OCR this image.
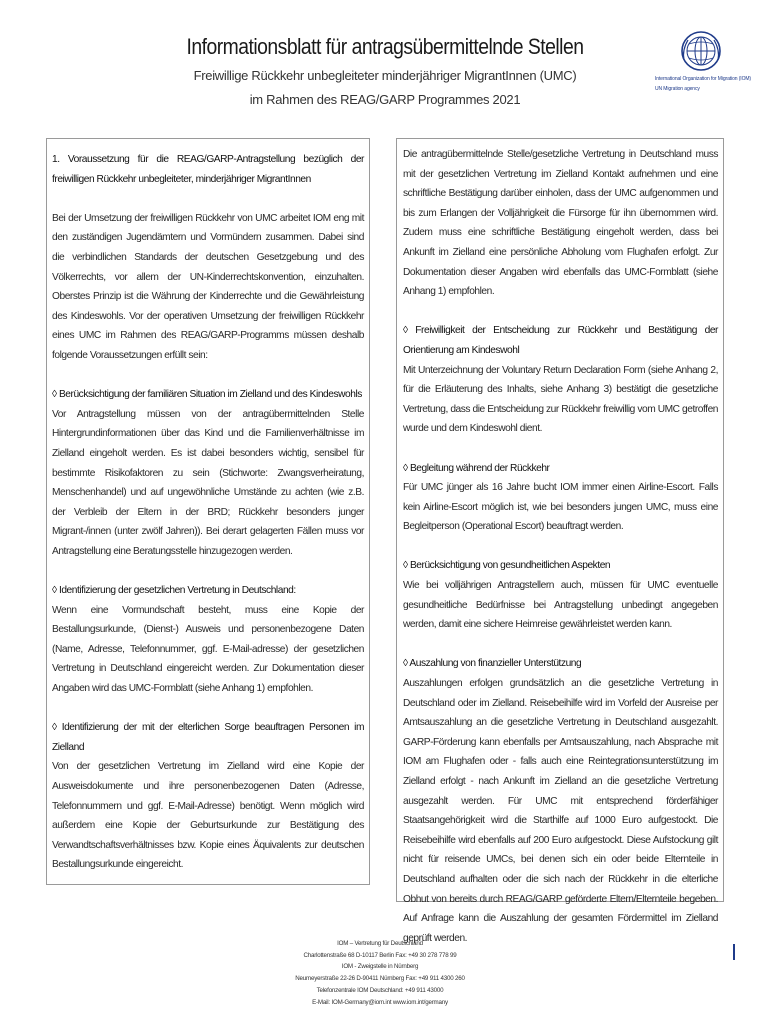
Informationsblatt für antragsübermittelnde Stellen
Freiwillige Rückkehr unbegleiteter minderjähriger MigrantInnen (UMC)
im Rahmen des REAG/GARP Programmes 2021
International Organization for Migration (IOM)
UN Migration agency

1. Voraussetzung für die REAG/GARP-Antragstellung bezüglich der freiwilligen Rückkehr unbegleiteter, minderjähriger MigrantInnen

Bei der Umsetzung der freiwilligen Rückkehr von UMC arbeitet IOM eng mit den zuständigen Jugendämtern und Vormündern zusammen. Dabei sind die verbindlichen Standards der deutschen Gesetzgebung und des Völkerrechts, vor allem der UN-Kinderrechtskonvention, einzuhalten. Oberstes Prinzip ist die Währung der Kinderrechte und die Gewährleistung des Kindeswohls. Vor der operativen Umsetzung der freiwilligen Rückkehr eines UMC im Rahmen des REAG/GARP-Programms müssen deshalb folgende Voraussetzungen erfüllt sein:

◊ Berücksichtigung der familiären Situation im Zielland und des Kindeswohls

Vor Antragstellung müssen von der antragübermittelnden Stelle Hintergrundinformationen über das Kind und die Familienverhältnisse im Zielland eingeholt werden. Es ist dabei besonders wichtig, sensibel für bestimmte Risikofaktoren zu sein (Stichworte: Zwangsverheiratung, Menschenhandel) und auf ungewöhnliche Umstände zu achten (wie z.B. der Verbleib der Eltern in der BRD; Rückkehr besonders junger Migrant-/innen (unter zwölf Jahren)). Bei derart gelagerten Fällen muss vor Antragstellung eine Beratungsstelle hinzugezogen werden.

◊ Identifizierung der gesetzlichen Vertretung in Deutschland:

Wenn eine Vormundschaft besteht, muss eine Kopie der Bestallungsurkunde, (Dienst-) Ausweis und personenbezogene Daten (Name, Adresse, Telefonnummer, ggf. E-Mail-adresse) der gesetzlichen Vertretung in Deutschland eingereicht werden. Zur Dokumentation dieser Angaben wird das UMC-Formblatt (siehe Anhang 1) empfohlen.

◊ Identifizierung der mit der elterlichen Sorge beauftragen Personen im Zielland

Von der gesetzlichen Vertretung im Zielland wird eine Kopie der Ausweisdokumente und ihre personenbezogenen Daten (Adresse, Telefonnummern und ggf. E-Mail-Adresse) benötigt. Wenn möglich wird außerdem eine Kopie der Geburtsurkunde zur Bestätigung des Verwandtschaftsverhältnisses bzw. Kopie eines Äquivalents zur deutschen Bestallungsurkunde eingereicht.

Die antragübermittelnde Stelle/gesetzliche Vertretung in Deutschland muss mit der gesetzlichen Vertretung im Zielland Kontakt aufnehmen und eine schriftliche Bestätigung darüber einholen, dass der UMC aufgenommen und bis zum Erlangen der Volljährigkeit die Fürsorge für ihn übernommen wird. Zudem muss eine schriftliche Bestätigung eingeholt werden, dass bei Ankunft im Zielland eine persönliche Abholung vom Flughafen erfolgt. Zur Dokumentation dieser Angaben wird ebenfalls das UMC-Formblatt (siehe Anhang 1) empfohlen.

◊ Freiwilligkeit der Entscheidung zur Rückkehr und Bestätigung der Orientierung am Kindeswohl

Mit Unterzeichnung der Voluntary Return Declaration Form (siehe Anhang 2, für die Erläuterung des Inhalts, siehe Anhang 3) bestätigt die gesetzliche Vertretung, dass die Entscheidung zur Rückkehr freiwillig vom UMC getroffen wurde und dem Kindeswohl dient.

◊ Begleitung während der Rückkehr

Für UMC jünger als 16 Jahre bucht IOM immer einen Airline-Escort. Falls kein Airline-Escort möglich ist, wie bei besonders jungen UMC, muss eine Begleitperson (Operational Escort) beauftragt werden.

◊ Berücksichtigung von gesundheitlichen Aspekten

Wie bei volljährigen Antragstellern auch, müssen für UMC eventuelle gesundheitliche Bedürfnisse bei Antragstellung unbedingt angegeben werden, damit eine sichere Heimreise gewährleistet werden kann.

◊ Auszahlung von finanzieller Unterstützung

Auszahlungen erfolgen grundsätzlich an die gesetzliche Vertretung in Deutschland oder im Zielland. Reisebeihilfe wird im Vorfeld der Ausreise per Amtsauszahlung an die gesetzliche Vertretung in Deutschland ausgezahlt. GARP-Förderung kann ebenfalls per Amtsauszahlung, nach Absprache mit IOM am Flughafen oder - falls auch eine Reintegrationsunterstützung im Zielland erfolgt - nach Ankunft im Zielland an die gesetzliche Vertretung ausgezahlt werden. Für UMC mit entsprechend förderfähiger Staatsangehörigkeit wird die Starthilfe auf 1000 Euro aufgestockt. Die Reisebeihilfe wird ebenfalls auf 200 Euro aufgestockt. Diese Aufstockung gilt nicht für reisende UMCs, bei denen sich ein oder beide Elternteile in Deutschland aufhalten oder die sich nach der Rückkehr in die elterliche Obhut von bereits durch REAG/GARP geförderte Eltern/Elternteile begeben. Auf Anfrage kann die Auszahlung der gesamten Fördermittel im Zielland geprüft werden.

IOM – Vertretung für Deutschland
Charlottenstraße 68 D-10117 Berlin Fax: +49 30 278 778 99
IOM - Zweigstelle in Nürnberg
Neumeyerstraße 22-26 D-90411 Nürnberg Fax: +49 911 4300 260
Telefonzentrale IOM Deutschland: +49 911 43000
E-Mail: IOM-Germany@iom.int www.iom.int/germany
